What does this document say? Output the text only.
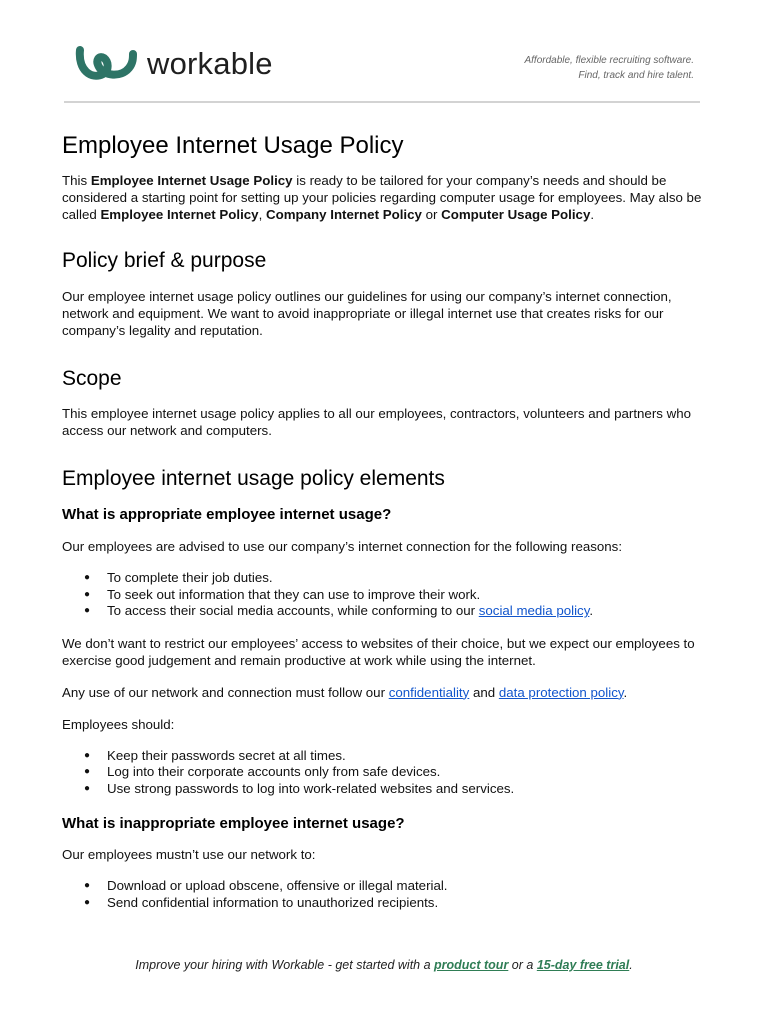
workable	Affordable, flexible recruiting software.
Find, track and hire talent.
Employee Internet Usage Policy

This Employee Internet Usage Policy is ready to be tailored for your company’s needs and should be considered a starting point for setting up your policies regarding computer usage for employees. May also be called Employee Internet Policy, Company Internet Policy or Computer Usage Policy.

Policy brief & purpose

Our employee internet usage policy outlines our guidelines for using our company’s internet connection, network and equipment. We want to avoid inappropriate or illegal internet use that creates risks for our company’s legality and reputation.

Scope

This employee internet usage policy applies to all our employees, contractors, volunteers and partners who access our network and computers.

Employee internet usage policy elements
What is appropriate employee internet usage?

Our employees are advised to use our company’s internet connection for the following reasons:

● To complete their job duties.
● To seek out information that they can use to improve their work.
● To access their social media accounts, while conforming to our social media policy.

We don’t want to restrict our employees’ access to websites of their choice, but we expect our employees to exercise good judgement and remain productive at work while using the internet.

Any use of our network and connection must follow our confidentiality and data protection policy.

Employees should:

● Keep their passwords secret at all times.
● Log into their corporate accounts only from safe devices.
● Use strong passwords to log into work-related websites and services.
What is inappropriate employee internet usage?

Our employees mustn’t use our network to:

● Download or upload obscene, offensive or illegal material.
● Send confidential information to unauthorized recipients.
Improve your hiring with Workable - get started with a product tour or a 15-day free trial.
